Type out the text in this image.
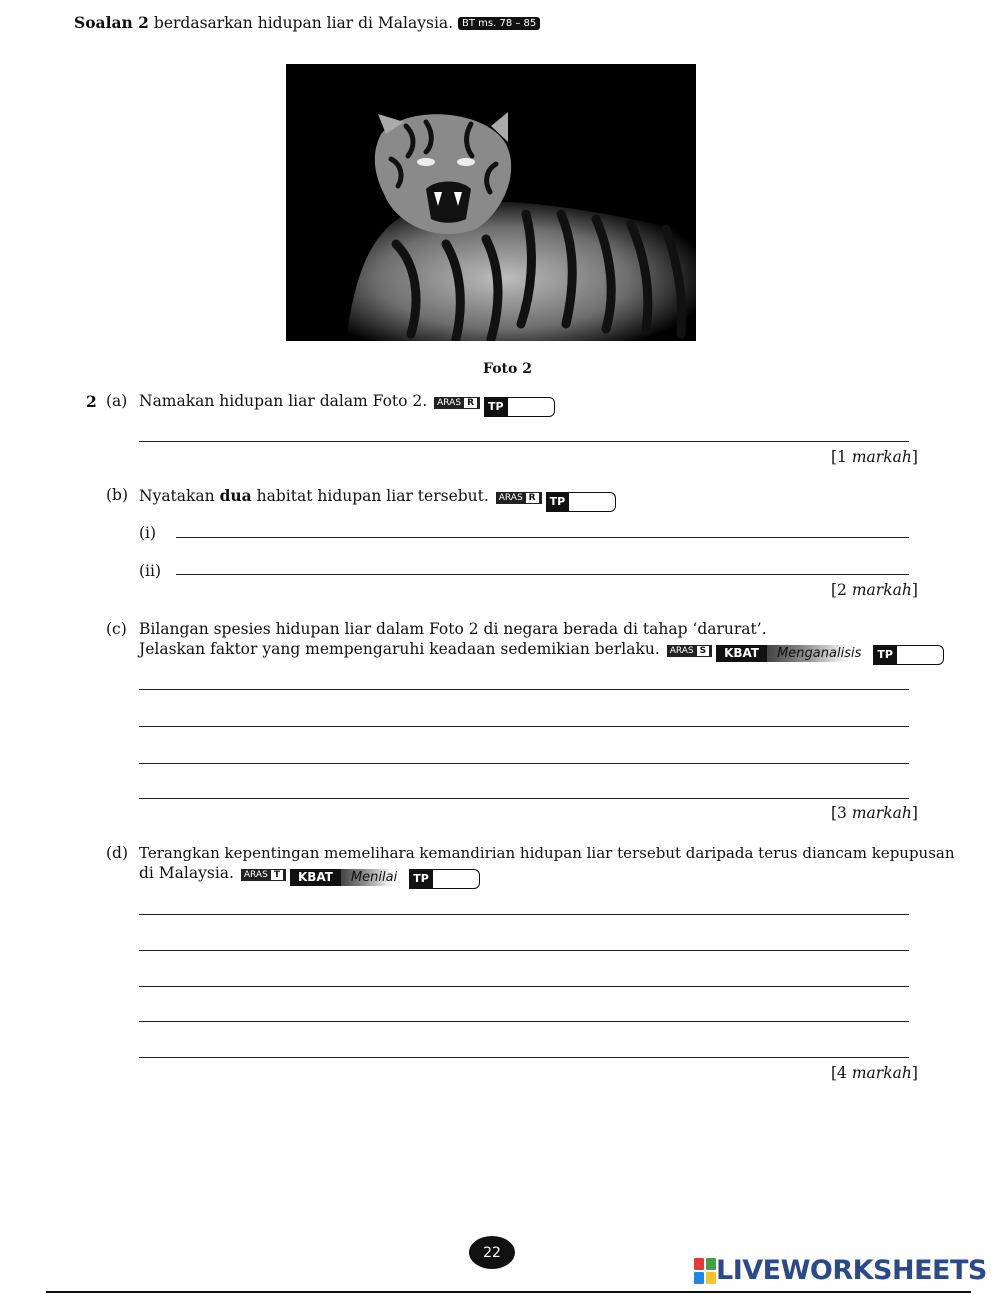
Soalan 2 berdasarkan hidupan liar di Malaysia. BT ms. 78 – 85
Foto 2
2 (a) Namakan hidupan liar dalam Foto 2. ARAS R	TP
[1 markah]
(b) Nyatakan dua habitat hidupan liar tersebut. ARAS R	TP
(i)
(ii)
[2 markah]
(c) Bilangan spesies hidupan liar dalam Foto 2 di negara berada di tahap ‘darurat’.
Jelaskan faktor yang mempengaruhi keadaan sedemikian berlaku. ARAS S	KBAT	Menganalisis	TP
[3 markah]
(d) Terangkan kepentingan memelihara kemandirian hidupan liar tersebut daripada terus diancam kepupusan
di Malaysia. ARAS T	KBAT	Menilai	TP
[4 markah]
22
LIVEWORKSHEETS
